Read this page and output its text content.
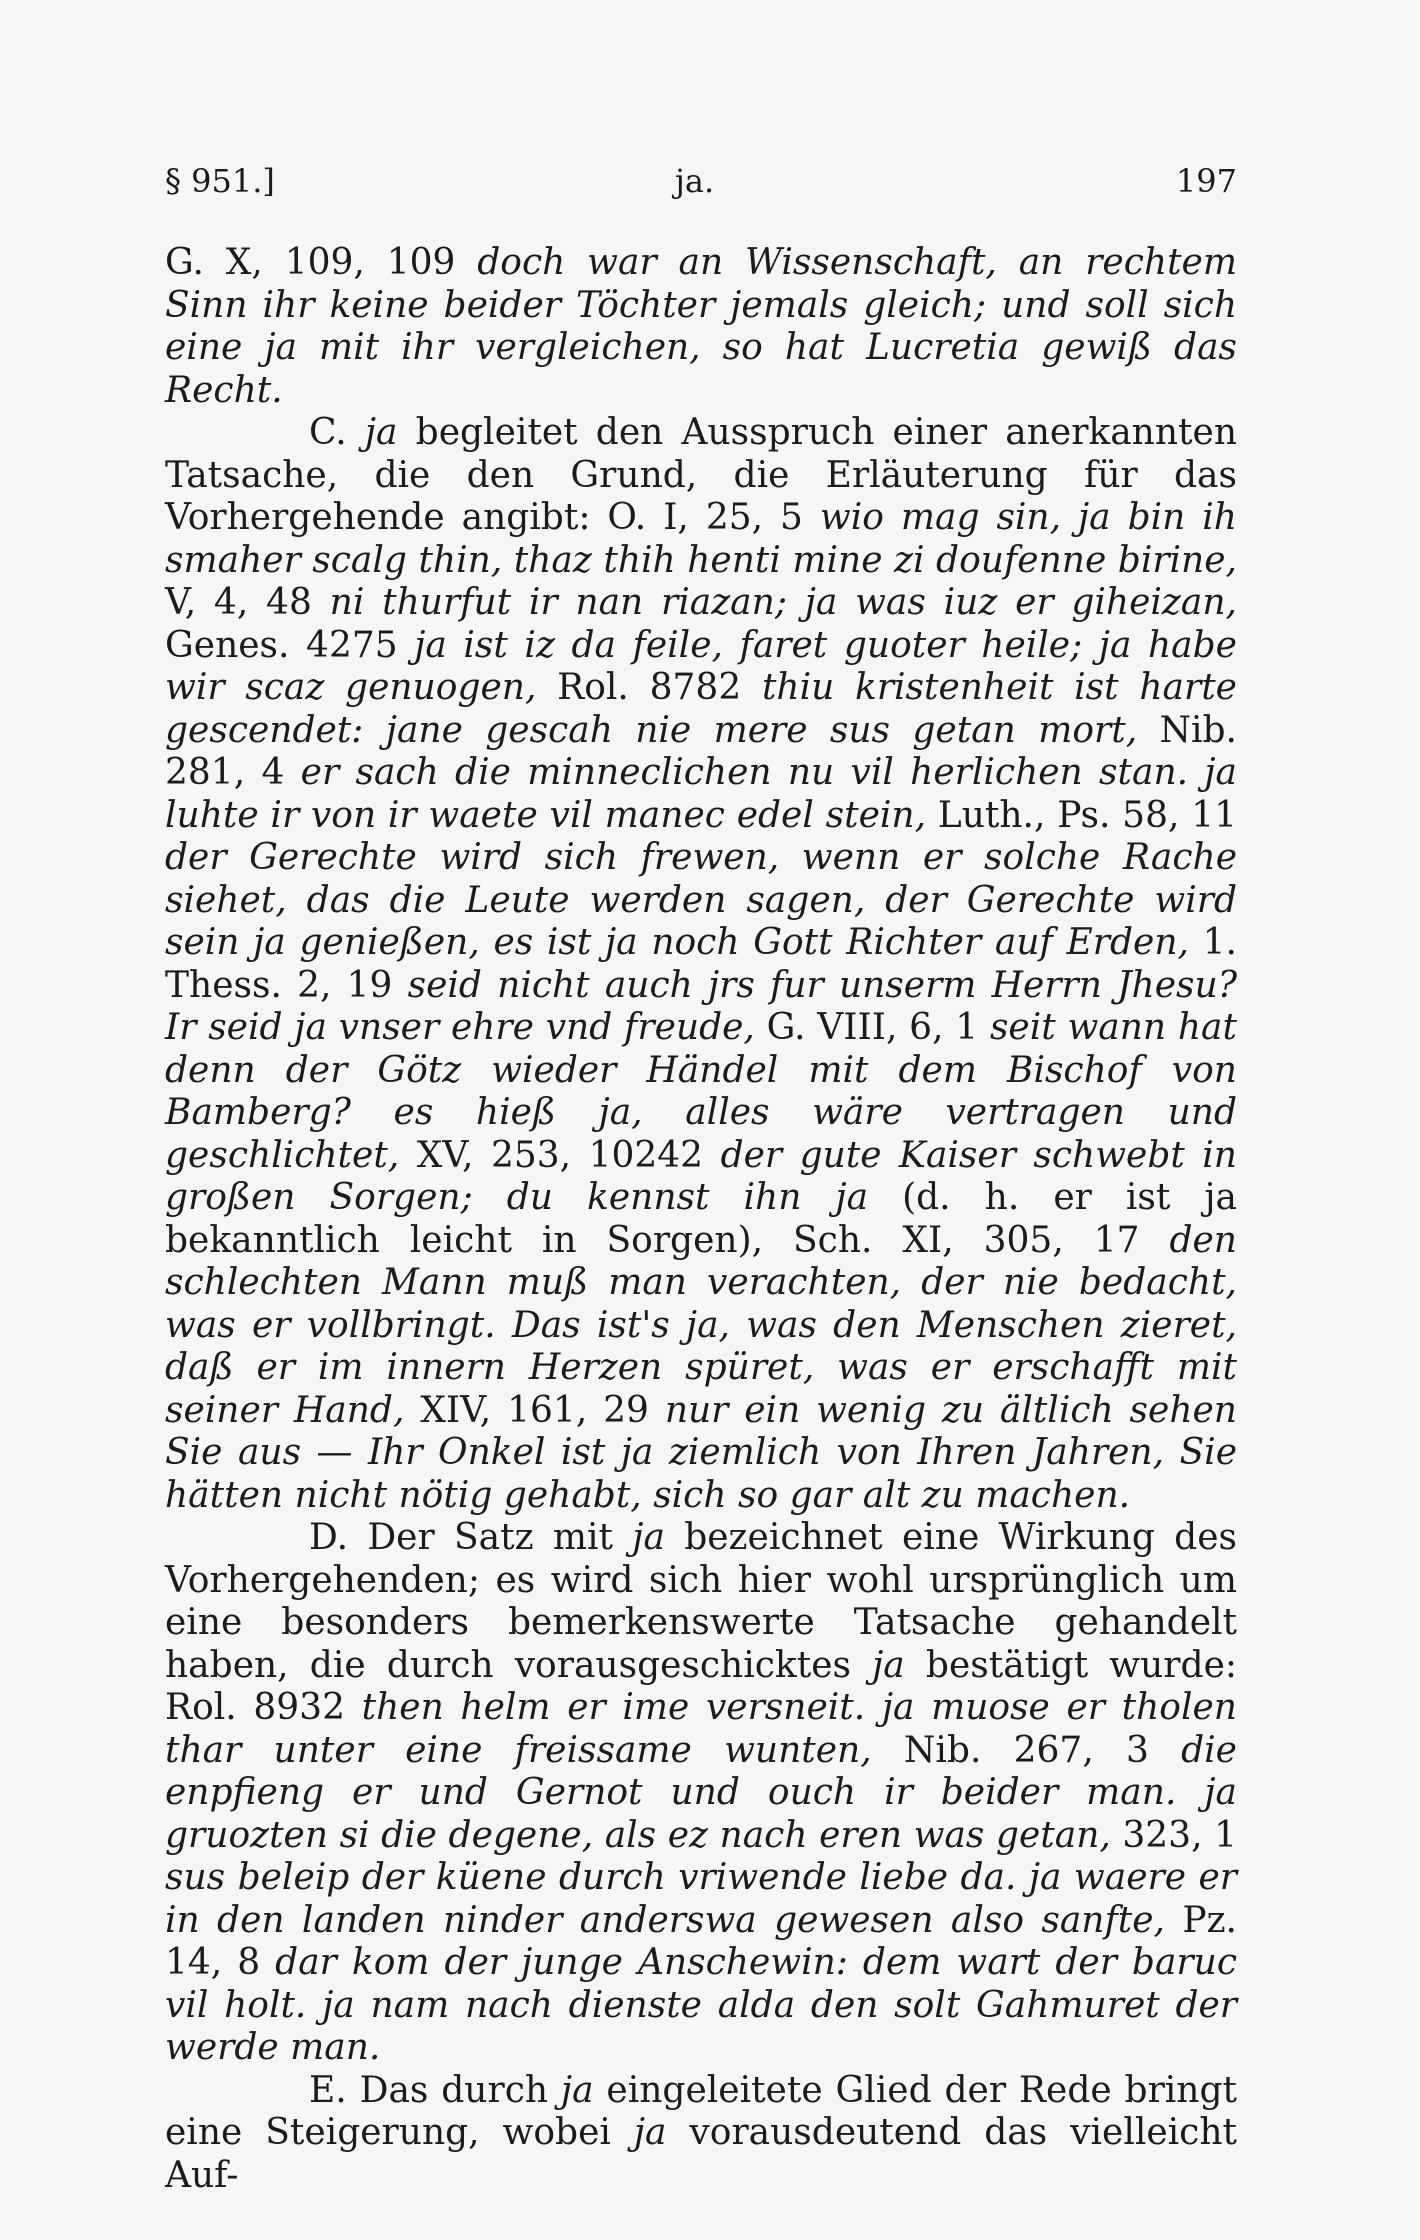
§ 951.]	ja.	197

G. X, 109, 109 doch war an Wissenschaft, an rechtem Sinn ihr keine beider Töchter jemals gleich; und soll sich eine ja mit ihr vergleichen, so hat Lucretia gewiß das Recht.

C. ja begleitet den Ausspruch einer anerkannten Tatsache, die den Grund, die Erläuterung für das Vorhergehende angibt: O. I, 25, 5 wio mag sin, ja bin ih smaher scalg thin, thaz thih henti mine zi doufenne birine, V, 4, 48 ni thurfut ir nan riazan; ja was iuz er giheizan, Genes. 4275 ja ist iz da feile, faret guoter heile; ja habe wir scaz genuogen, Rol. 8782 thiu kristenheit ist harte gescendet: jane gescah nie mere sus getan mort, Nib. 281, 4 er sach die minneclichen nu vil herlichen stan. ja luhte ir von ir waete vil manec edel stein, Luth., Ps. 58, 11 der Gerechte wird sich frewen, wenn er solche Rache siehet, das die Leute werden sagen, der Gerechte wird sein ja genießen, es ist ja noch Gott Richter auf Erden, 1. Thess. 2, 19 seid nicht auch jrs fur unserm Herrn Jhesu? Ir seid ja vnser ehre vnd freude, G. VIII, 6, 1 seit wann hat denn der Götz wieder Händel mit dem Bischof von Bamberg? es hieß ja, alles wäre vertragen und geschlichtet, XV, 253, 10242 der gute Kaiser schwebt in großen Sorgen; du kennst ihn ja (d. h. er ist ja bekanntlich leicht in Sorgen), Sch. XI, 305, 17 den schlechten Mann muß man verachten, der nie bedacht, was er vollbringt. Das ist's ja, was den Menschen zieret, daß er im innern Herzen spüret, was er erschafft mit seiner Hand, XIV, 161, 29 nur ein wenig zu ältlich sehen Sie aus — Ihr Onkel ist ja ziemlich von Ihren Jahren, Sie hätten nicht nötig gehabt, sich so gar alt zu machen.

D. Der Satz mit ja bezeichnet eine Wirkung des Vorhergehenden; es wird sich hier wohl ursprünglich um eine besonders bemerkenswerte Tatsache gehandelt haben, die durch vorausgeschicktes ja bestätigt wurde: Rol. 8932 then helm er ime versneit. ja muose er tholen thar unter eine freissame wunten, Nib. 267, 3 die enpfieng er und Gernot und ouch ir beider man. ja gruozten si die degene, als ez nach eren was getan, 323, 1 sus beleip der küene durch vriwende liebe da. ja waere er in den landen ninder anderswa gewesen also sanfte, Pz. 14, 8 dar kom der junge Anschewin: dem wart der baruc vil holt. ja nam nach dienste alda den solt Gahmuret der werde man.

E. Das durch ja eingeleitete Glied der Rede bringt eine Steigerung, wobei ja vorausdeutend das vielleicht Auf-
